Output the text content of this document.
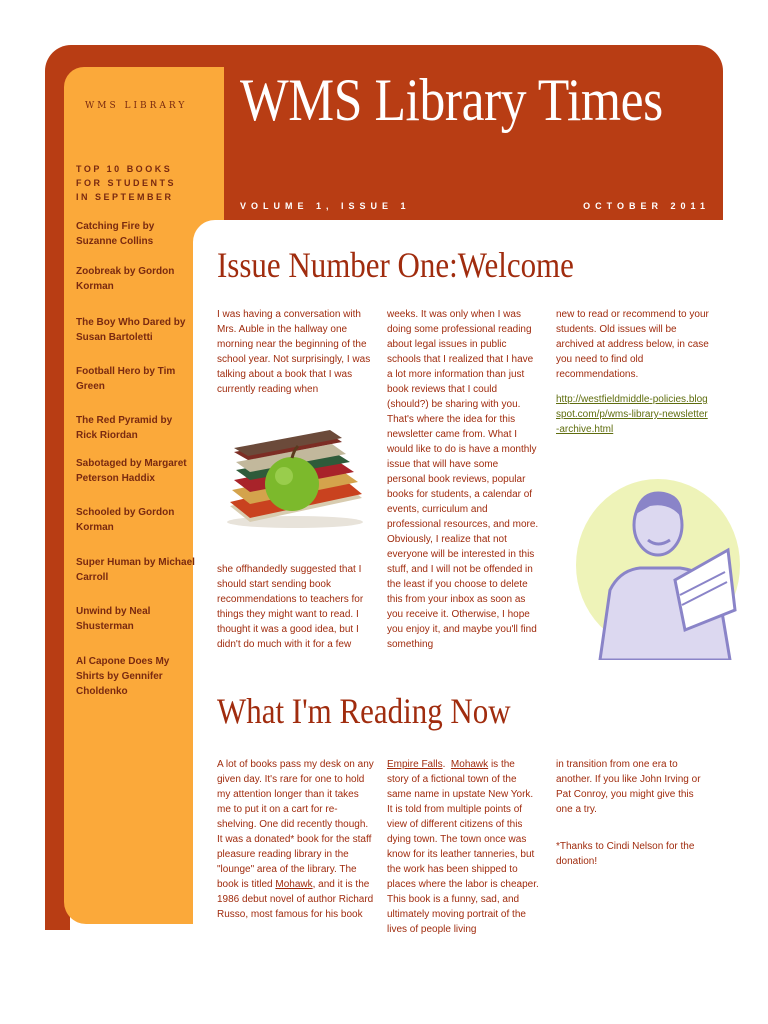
WMS LIBRARY
TOP 10 BOOKS FOR STUDENTS IN SEPTEMBER
Catching Fire by Suzanne Collins
Zoobreak by Gordon Korman
The Boy Who Dared by Susan Bartoletti
Football Hero by Tim Green
The Red Pyramid by Rick Riordan
Sabotaged by Margaret Peterson Haddix
Schooled by Gordon Korman
Super Human by Michael Carroll
Unwind by Neal Shusterman
Al Capone Does My Shirts by Gennifer Choldenko
WMS Library Times
VOLUME 1, ISSUE 1	OCTOBER 2011
Issue Number One:Welcome

I was having a conversation with Mrs. Auble in the hallway one morning near the beginning of the school year. Not surprisingly, I was talking about a book that I was currently reading when

she offhandedly suggested that I should start sending book recommendations to teachers for things they might want to read. I thought it was a good idea, but I didn't do much with it for a few

weeks. It was only when I was doing some professional reading about legal issues in public schools that I realized that I have a lot more information than just book reviews that I could (should?) be sharing with you. That's where the idea for this newsletter came from. What I would like to do is have a monthly issue that will have some personal book reviews, popular books for students, a calendar of events, curriculum and professional resources, and more. Obviously, I realize that not everyone will be interested in this stuff, and I will not be offended in the least if you choose to delete this from your inbox as soon as you receive it. Otherwise, I hope you enjoy it, and maybe you'll find something

new to read or recommend to your students. Old issues will be archived at address below, in case you need to find old recommendations.

http://westfieldmiddle-policies.blogspot.com/p/wms-library-newsletter-archive.html

What I'm Reading Now

A lot of books pass my desk on any given day. It's rare for one to hold my attention longer than it takes me to put it on a cart for re-shelving. One did recently though. It was a donated* book for the staff pleasure reading library in the "lounge" area of the library. The book is titled Mohawk, and it is the 1986 debut novel of author Richard Russo, most famous for his book

Empire Falls.  Mohawk is the story of a fictional town of the same name in upstate New York. It is told from multiple points of view of different citizens of this dying town. The town once was know for its leather tanneries, but the work has been shipped to places where the labor is cheaper. This book is a funny, sad, and ultimately moving portrait of the lives of people living

in transition from one era to another. If you like John Irving or Pat Conroy, you might give this one a try.

*Thanks to Cindi Nelson for the donation!
